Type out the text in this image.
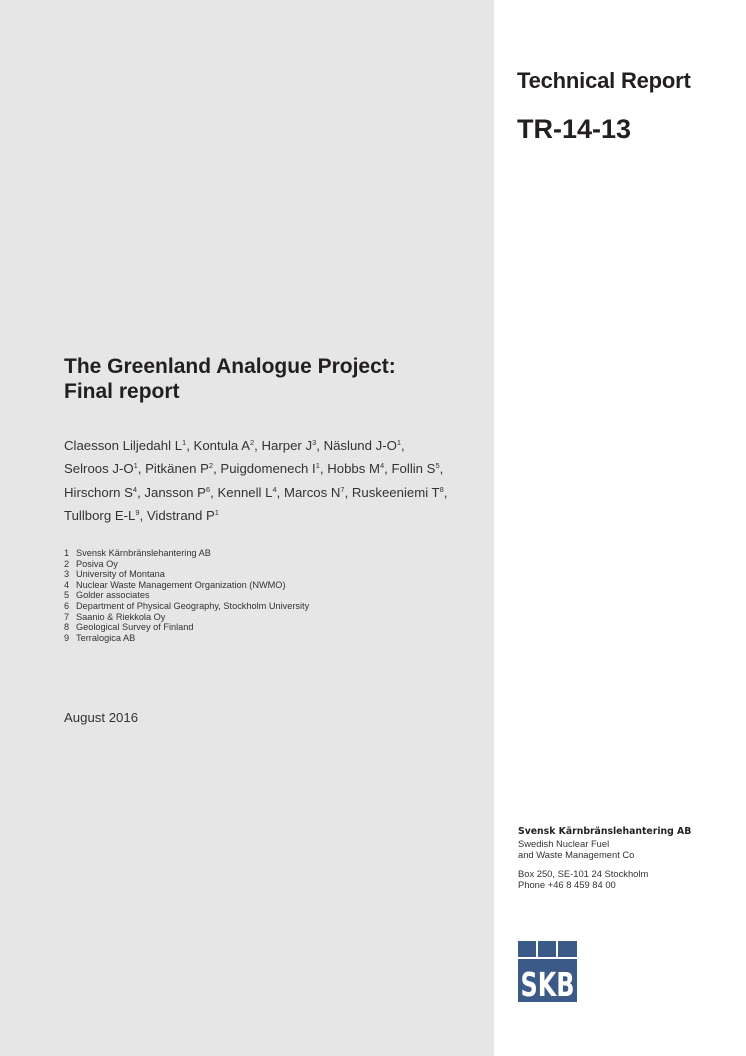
Technical Report
TR-14-13
The Greenland Analogue Project:
Final report
Claesson Liljedahl $L^1$, Kontula $A^2$, Harper $J^3$, Näslund $J-O^1$, Selroos $J-O^1$, Pitkänen $P^2$, Puigdomenech $I^1$, Hobbs $M^4$, Follin $S^5$, Hirschorn $S^4$, Jansson $P^6$, Kennell $L^4$, Marcos $N^7$, Ruskeeniemi $T^8$, Tullborg $E-L^9$, Vidstrand $P^1$
1 Svensk Kärnbränslehantering AB
2 Posiva Oy
3 University of Montana
4 Nuclear Waste Management Organization (NWMO)
5 Golder associates
6 Department of Physical Geography, Stockholm University
7 Saanio & Riekkola Oy
8 Geological Survey of Finland
9 Terralogica AB
August 2016
Svensk Kärnbränslehantering AB
Swedish Nuclear Fuel
and Waste Management Co
Box 250, SE-101 24 Stockholm
Phone +46 8 459 84 00
SKB
